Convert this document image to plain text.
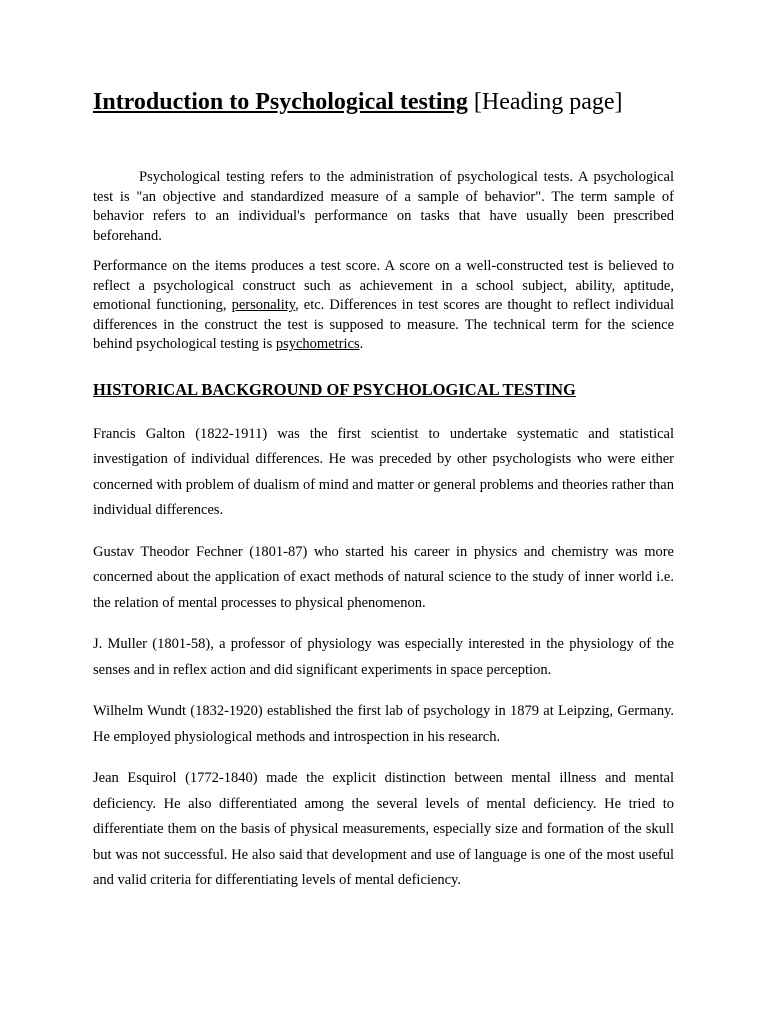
Introduction to Psychological testing [Heading page]

Psychological testing refers to the administration of psychological tests. A psychological test is "an objective and standardized measure of a sample of behavior". The term sample of behavior refers to an individual's performance on tasks that have usually been prescribed beforehand.

Performance on the items produces a test score. A score on a well-constructed test is believed to reflect a psychological construct such as achievement in a school subject, ability, aptitude, emotional functioning, personality, etc. Differences in test scores are thought to reflect individual differences in the construct the test is supposed to measure. The technical term for the science behind psychological testing is psychometrics.

HISTORICAL BACKGROUND OF PSYCHOLOGICAL TESTING

Francis Galton (1822-1911) was the first scientist to undertake systematic and statistical investigation of individual differences. He was preceded by other psychologists who were either concerned with problem of dualism of mind and matter or general problems and theories rather than individual differences.

Gustav Theodor Fechner (1801-87) who started his career in physics and chemistry was more concerned about the application of exact methods of natural science to the study of inner world i.e. the relation of mental processes to physical phenomenon.

J. Muller (1801-58), a professor of physiology was especially interested in the physiology of the senses and in reflex action and did significant experiments in space perception.

Wilhelm Wundt (1832-1920) established the first lab of psychology in 1879 at Leipzing, Germany. He employed physiological methods and introspection in his research.

Jean Esquirol (1772-1840) made the explicit distinction between mental illness and mental deficiency. He also differentiated among the several levels of mental deficiency. He tried to differentiate them on the basis of physical measurements, especially size and formation of the skull but was not successful. He also said that development and use of language is one of the most useful and valid criteria for differentiating levels of mental deficiency.
